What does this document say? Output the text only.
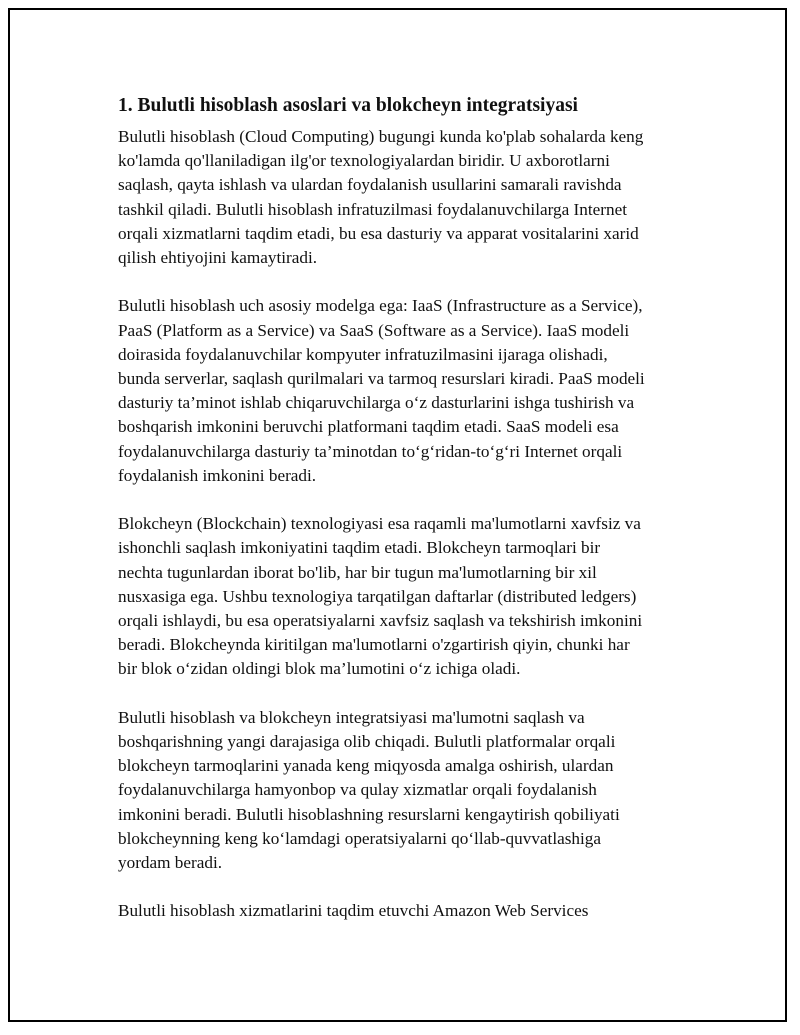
1. Bulutli hisoblash asoslari va blokcheyn integratsiyasi

Bulutli hisoblash (Cloud Computing) bugungi kunda ko'plab sohalarda keng
ko'lamda qo'llaniladigan ilg'or texnologiyalardan biridir. U axborotlarni
saqlash, qayta ishlash va ulardan foydalanish usullarini samarali ravishda
tashkil qiladi. Bulutli hisoblash infratuzilmasi foydalanuvchilarga Internet
orqali xizmatlarni taqdim etadi, bu esa dasturiy va apparat vositalarini xarid
qilish ehtiyojini kamaytiradi.

Bulutli hisoblash uch asosiy modelga ega: IaaS (Infrastructure as a Service),
PaaS (Platform as a Service) va SaaS (Software as a Service). IaaS modeli
doirasida foydalanuvchilar kompyuter infratuzilmasini ijaraga olishadi,
bunda serverlar, saqlash qurilmalari va tarmoq resurslari kiradi. PaaS modeli
dasturiy ta’minot ishlab chiqaruvchilarga o‘z dasturlarini ishga tushirish va
boshqarish imkonini beruvchi platformani taqdim etadi. SaaS modeli esa
foydalanuvchilarga dasturiy ta’minotdan to‘g‘ridan-to‘g‘ri Internet orqali
foydalanish imkonini beradi.

Blokcheyn (Blockchain) texnologiyasi esa raqamli ma'lumotlarni xavfsiz va
ishonchli saqlash imkoniyatini taqdim etadi. Blokcheyn tarmoqlari bir
nechta tugunlardan iborat bo'lib, har bir tugun ma'lumotlarning bir xil
nusxasiga ega. Ushbu texnologiya tarqatilgan daftarlar (distributed ledgers)
orqali ishlaydi, bu esa operatsiyalarni xavfsiz saqlash va tekshirish imkonini
beradi. Blokcheynda kiritilgan ma'lumotlarni o'zgartirish qiyin, chunki har
bir blok o‘zidan oldingi blok ma’lumotini o‘z ichiga oladi.

Bulutli hisoblash va blokcheyn integratsiyasi ma'lumotni saqlash va
boshqarishning yangi darajasiga olib chiqadi. Bulutli platformalar orqali
blokcheyn tarmoqlarini yanada keng miqyosda amalga oshirish, ulardan
foydalanuvchilarga hamyonbop va qulay xizmatlar orqali foydalanish
imkonini beradi. Bulutli hisoblashning resurslarni kengaytirish qobiliyati
blokcheynning keng ko‘lamdagi operatsiyalarni qo‘llab-quvvatlashiga
yordam beradi.

Bulutli hisoblash xizmatlarini taqdim etuvchi Amazon Web Services
